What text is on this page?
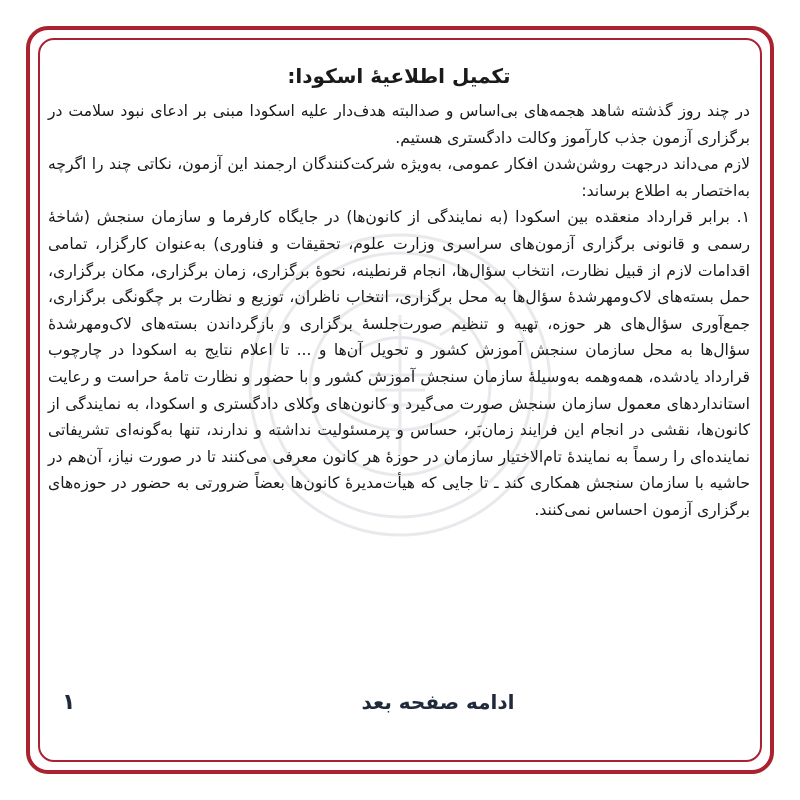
تکمیل اطلاعیهٔ اسکودا:

در چند روز گذشته شاهد هجمه‌های بی‌اساس و صدالبته هدف‌دار علیه اسکودا مبنی بر ادعای نبود سلامت در برگزاری آزمون جذب کارآموز وکالت دادگستری هستیم.

لازم می‌داند درجهت روشن‌شدن افکار عمومی، به‌ویژه شرکت‌کنندگان ارجمند این آزمون، نکاتی چند را اگرچه به‌اختصار به اطلاع برساند:

۱. برابر قرارداد منعقده بین اسکودا (به نمایندگی از کانون‌ها) در جایگاه کارفرما و سازمان سنجش (شاخهٔ رسمی و قانونی برگزاری آزمون‌های سراسری وزارت علوم، تحقیقات و فناوری) به‌عنوان کارگزار، تمامی اقدامات لازم از قبیل نظارت، انتخاب سؤال‌ها، انجام قرنطینه، نحوهٔ برگزاری، زمان برگزاری، مکان برگزاری، حمل بسته‌های لاک‌ومهرشدهٔ سؤال‌ها به محل برگزاری، انتخاب ناظران، توزیع و نظارت بر چگونگی برگزاری، جمع‌آوری سؤال‌های هر حوزه، تهیه و تنظیم صورت‌جلسهٔ برگزاری و بازگرداندن بسته‌های لاک‌ومهرشدهٔ سؤال‌ها به محل سازمان سنجش آموزش کشور و تحویل آن‌ها و ... تا اعلام نتایج به اسکودا در چارچوب قرارداد یادشده، همه‌وهمه به‌وسیلهٔ سازمان سنجش آموزش کشور و با حضور و نظارت تامهٔ حراست و رعایت استانداردهای معمول سازمان سنجش صورت می‌گیرد و کانون‌های وکلای دادگستری و اسکودا، به نمایندگی از کانون‌ها، نقشی در انجام این فرایند زمان‌بَر، حساس و پرمسئولیت نداشته و ندارند، تنها به‌گونه‌ای تشریفاتی نماینده‌ای را رسماً به نمایندهٔ تام‌الاختیار سازمان در حوزهٔ هر کانون معرفی می‌کنند تا در صورت نیاز، آن‌هم در حاشیه با سازمان سنجش همکاری کند ـ تا جایی که هیأت‌مدیرهٔ کانون‌ها بعضاً ضرورتی به حضور در حوزه‌های برگزاری آزمون احساس نمی‌کنند.

ادامه صفحه بعد
۱
